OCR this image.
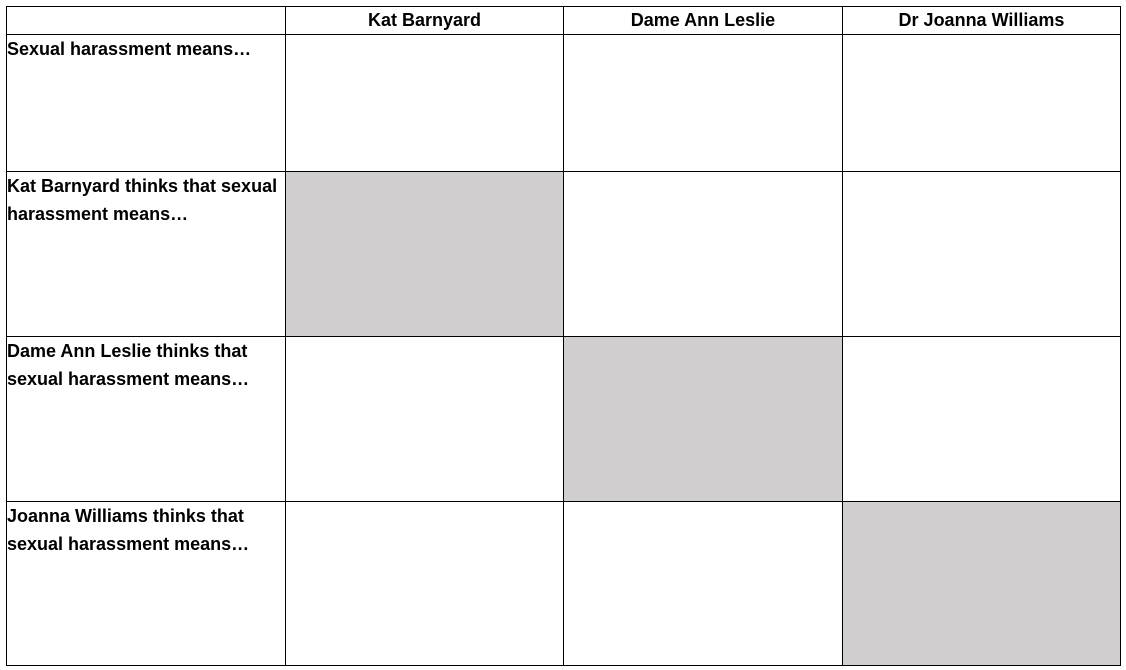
	Kat Barnyard	Dame Ann Leslie	Dr Joanna Williams
Sexual harassment means…			
Kat Barnyard thinks that sexual harassment means…			
Dame Ann Leslie thinks that sexual harassment means…			
Joanna Williams thinks that sexual harassment means…			
